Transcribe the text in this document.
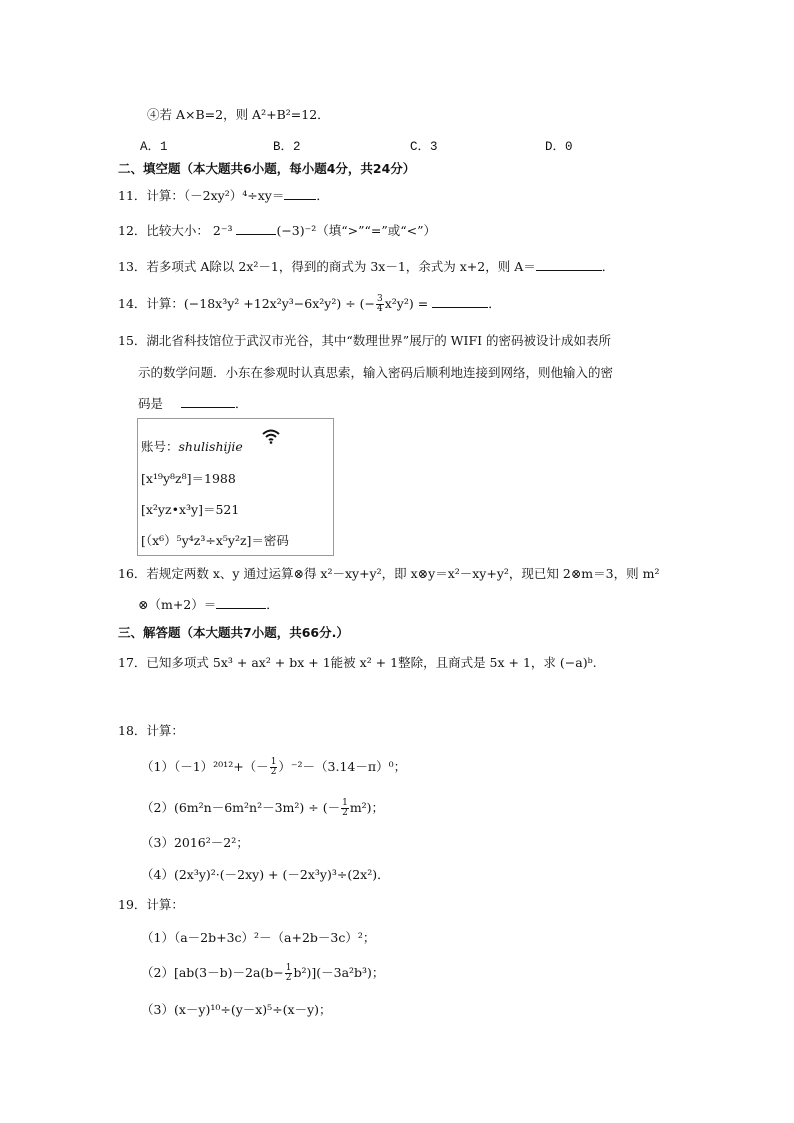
④若 A×B=2，则 A²+B²=12．
A．1	B．2	C．3	D．0
二、填空题（本大题共6小题，每小题4分，共24分）
11．计算：（－2xy²）⁴÷xy＝	．
12．比较大小： 2⁻³	(−3)⁻²（填“>”“=”或“<”）
13．若多项式 A除以 2x²－1，得到的商式为 3x－1，余式为 x+2，则 A＝	．
14．计算：(−18x³y² +12x²y³−6x²y²) ÷ (− $\frac{3}{4} x^2y^2$) =	．
15．湖北省科技馆位于武汉市光谷，其中“数理世界”展厅的 WIFI 的密码被设计成如表所
示的数学问题．小东在参观时认真思索，输入密码后顺利地连接到网络，则他输入的密
码是	．
账号：shulishijie
[x¹⁹y⁸z⁸]＝1988
[x²yz•x³y]＝521
[（x⁶）⁵y⁴z³÷x⁵y²z]＝密码
16．若规定两数 x、y 通过运算⊗得 x²－xy+y²，即 x⊗y＝x²－xy+y²，现已知 2⊗m＝3，则 m²
⊗（m+2）＝	．
三、解答题（本大题共7小题，共66分.）
17．已知多项式 5x³ + ax² + bx + 1能被 x² + 1整除，且商式是 5x + 1，求 (−a)ᵇ.
18．计算：
$(1)(-1)^{2012}+(- \frac{1}{2} )^{-2}-(3.14-\pi)^0$；
（2）(6m²n－6m²n²－3m²) ÷ (－ $\frac{1}{2} m^2$)；
（3）2016²－2²；
（4）(2x³y)²·(－2xy) + (－2x³y)³÷(2x²)．
19．计算：
（1）（a－2b+3c）²－（a+2b－3c）²；
$(2)[ab(3-b)-2a(b- \frac{1}{2} b^2)](-3a^2b^3)$；
（3）(x－y)¹⁰÷(y－x)⁵÷(x－y)；
